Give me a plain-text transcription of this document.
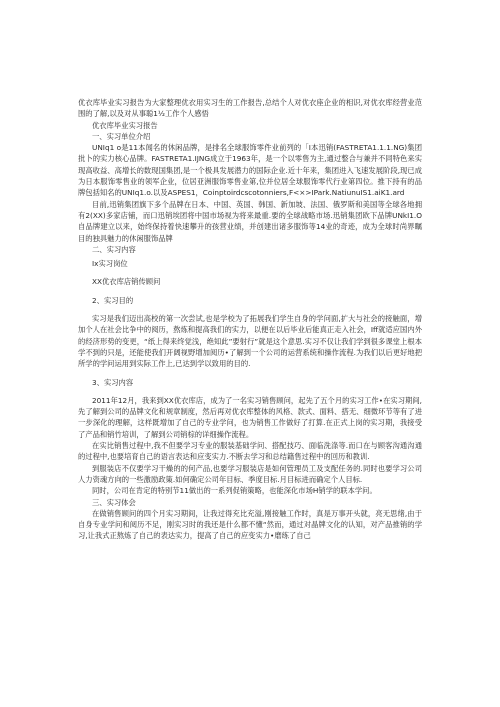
优衣库毕业实习报告为大家整理优衣用实习生的工作报告,总结个人对优衣座企业的相识,对优衣库经营业范围的了解,以及对从事聪1½工作个人感悟

优衣库毕业实习报告

一、实习单位介绍

UNIq1 o是11本闻名的休闲品牌，是排名全球服饰零件业前列的「I本迅销(FASTRETA1.1.1.NG)集团批卜的实力核心品牌。FASTRETA1.IJNG成立于1963年，是一个以零售为主,通过整合与兼并不同特色来实现高收益、高增长的数现国集团,是一个极具发展潜力的国际企业.近十年来，集团进入飞速发展阶段,现已成为日本服饰零售业的领军企业，位居亚洲服饰零售业第,位并位居全球服饰零代行业第四位。推下持有的品牌包括知名的UNIq1.o.以及ASPES1，Coinptoirdcscotonniers,F<×>IPark.NatiunuIS1.aiK1.ard

目前,迅销集团旗下多个品牌在日本、中国、英国、韩国、新加坡、法国、俄罗斯和美国等全球各地拥有2(XX)多家店铺，而口迅销埃团将中国市场视为将来最重.要的全球战略市场.迅销集团欧下品牌UNkI1.O自品牌建立以来，始终保持着快速攀升的孩营业绩，并创建出诸多服饰等14业的奇迹，成为全球时尚界瞩目的独具魅力的休闲服饰品牌

二、实习内容

Ix实习岗位

XX优衣库店销传顾问

2、实习目的

实习是我们迈出高校的第一次尝试,也是学校为了拓展我们学生自身的学问面,扩大与社会的接触面，增加个人在社会比争中的阅历，熬炼和提高我们的实力，以便在以后毕业后能真正走入社会，Iff就适应国内外的经济形势的变更，“纸上得来终觉浅，绝知此”要射行”就是这个意思.实习不仅让我们学到很多课堂上根本学不到的只是，还能使我们开阔视野增加阅历•了解到一个公司的运营系统和操作流程.为我们以后更好地把所学的学问运用到实际工作上,已达到学以致用的目的.

3、实习内容

2011年12月，我来到XX优衣库店，成为了一名实习销售顾问，起先了五个月的实习工作•在实习期间,先了解到公司的品牌文化和规章制度，然后再对优衣库整体的风格、款式、面料、搭无、细微环节等有了进一步深化的理解，这样既增加了自己的专业学问，也为销售工作做好了打算.在正式上岗的实习期，我接受了产品和销竹培训，了解到公司销棕的详细操作流程。

在实比销售过程中,我不但要学习专业的服装基础学问、搭配技巧、面临洗涤等.而口在与顾客沟通沟通的过程中,也要培育自己的语言表达和应变实力.不断去学习和总结籍售过程中的回历和教训.

到服装店不仅要学习干燥的的何产品,也要学习服装店是如何管理员工及支配任务的.同时也要学习公司人力资魂方向的一些激励政策.如何确定公司年目标、季度目标.月目标进而确定个人目标.

同时，公司在肯定的特别节11做出的一系列促销策略，也能深化市场H销学的联本学问。

三、实习体会

在做销售顾问的四个月实习期间，让我过得充比充溢,刚接触工作时，真是万事开头就，亮无思绪,由于自身专业学问和阅历不足，刚实习时的我还是什么都不懂“然而，通过对晶牌文化的认知，对产品推销的学习,让我式正熬炼了自己的表达实力，提高了自己的应变实力•磨练了自己
